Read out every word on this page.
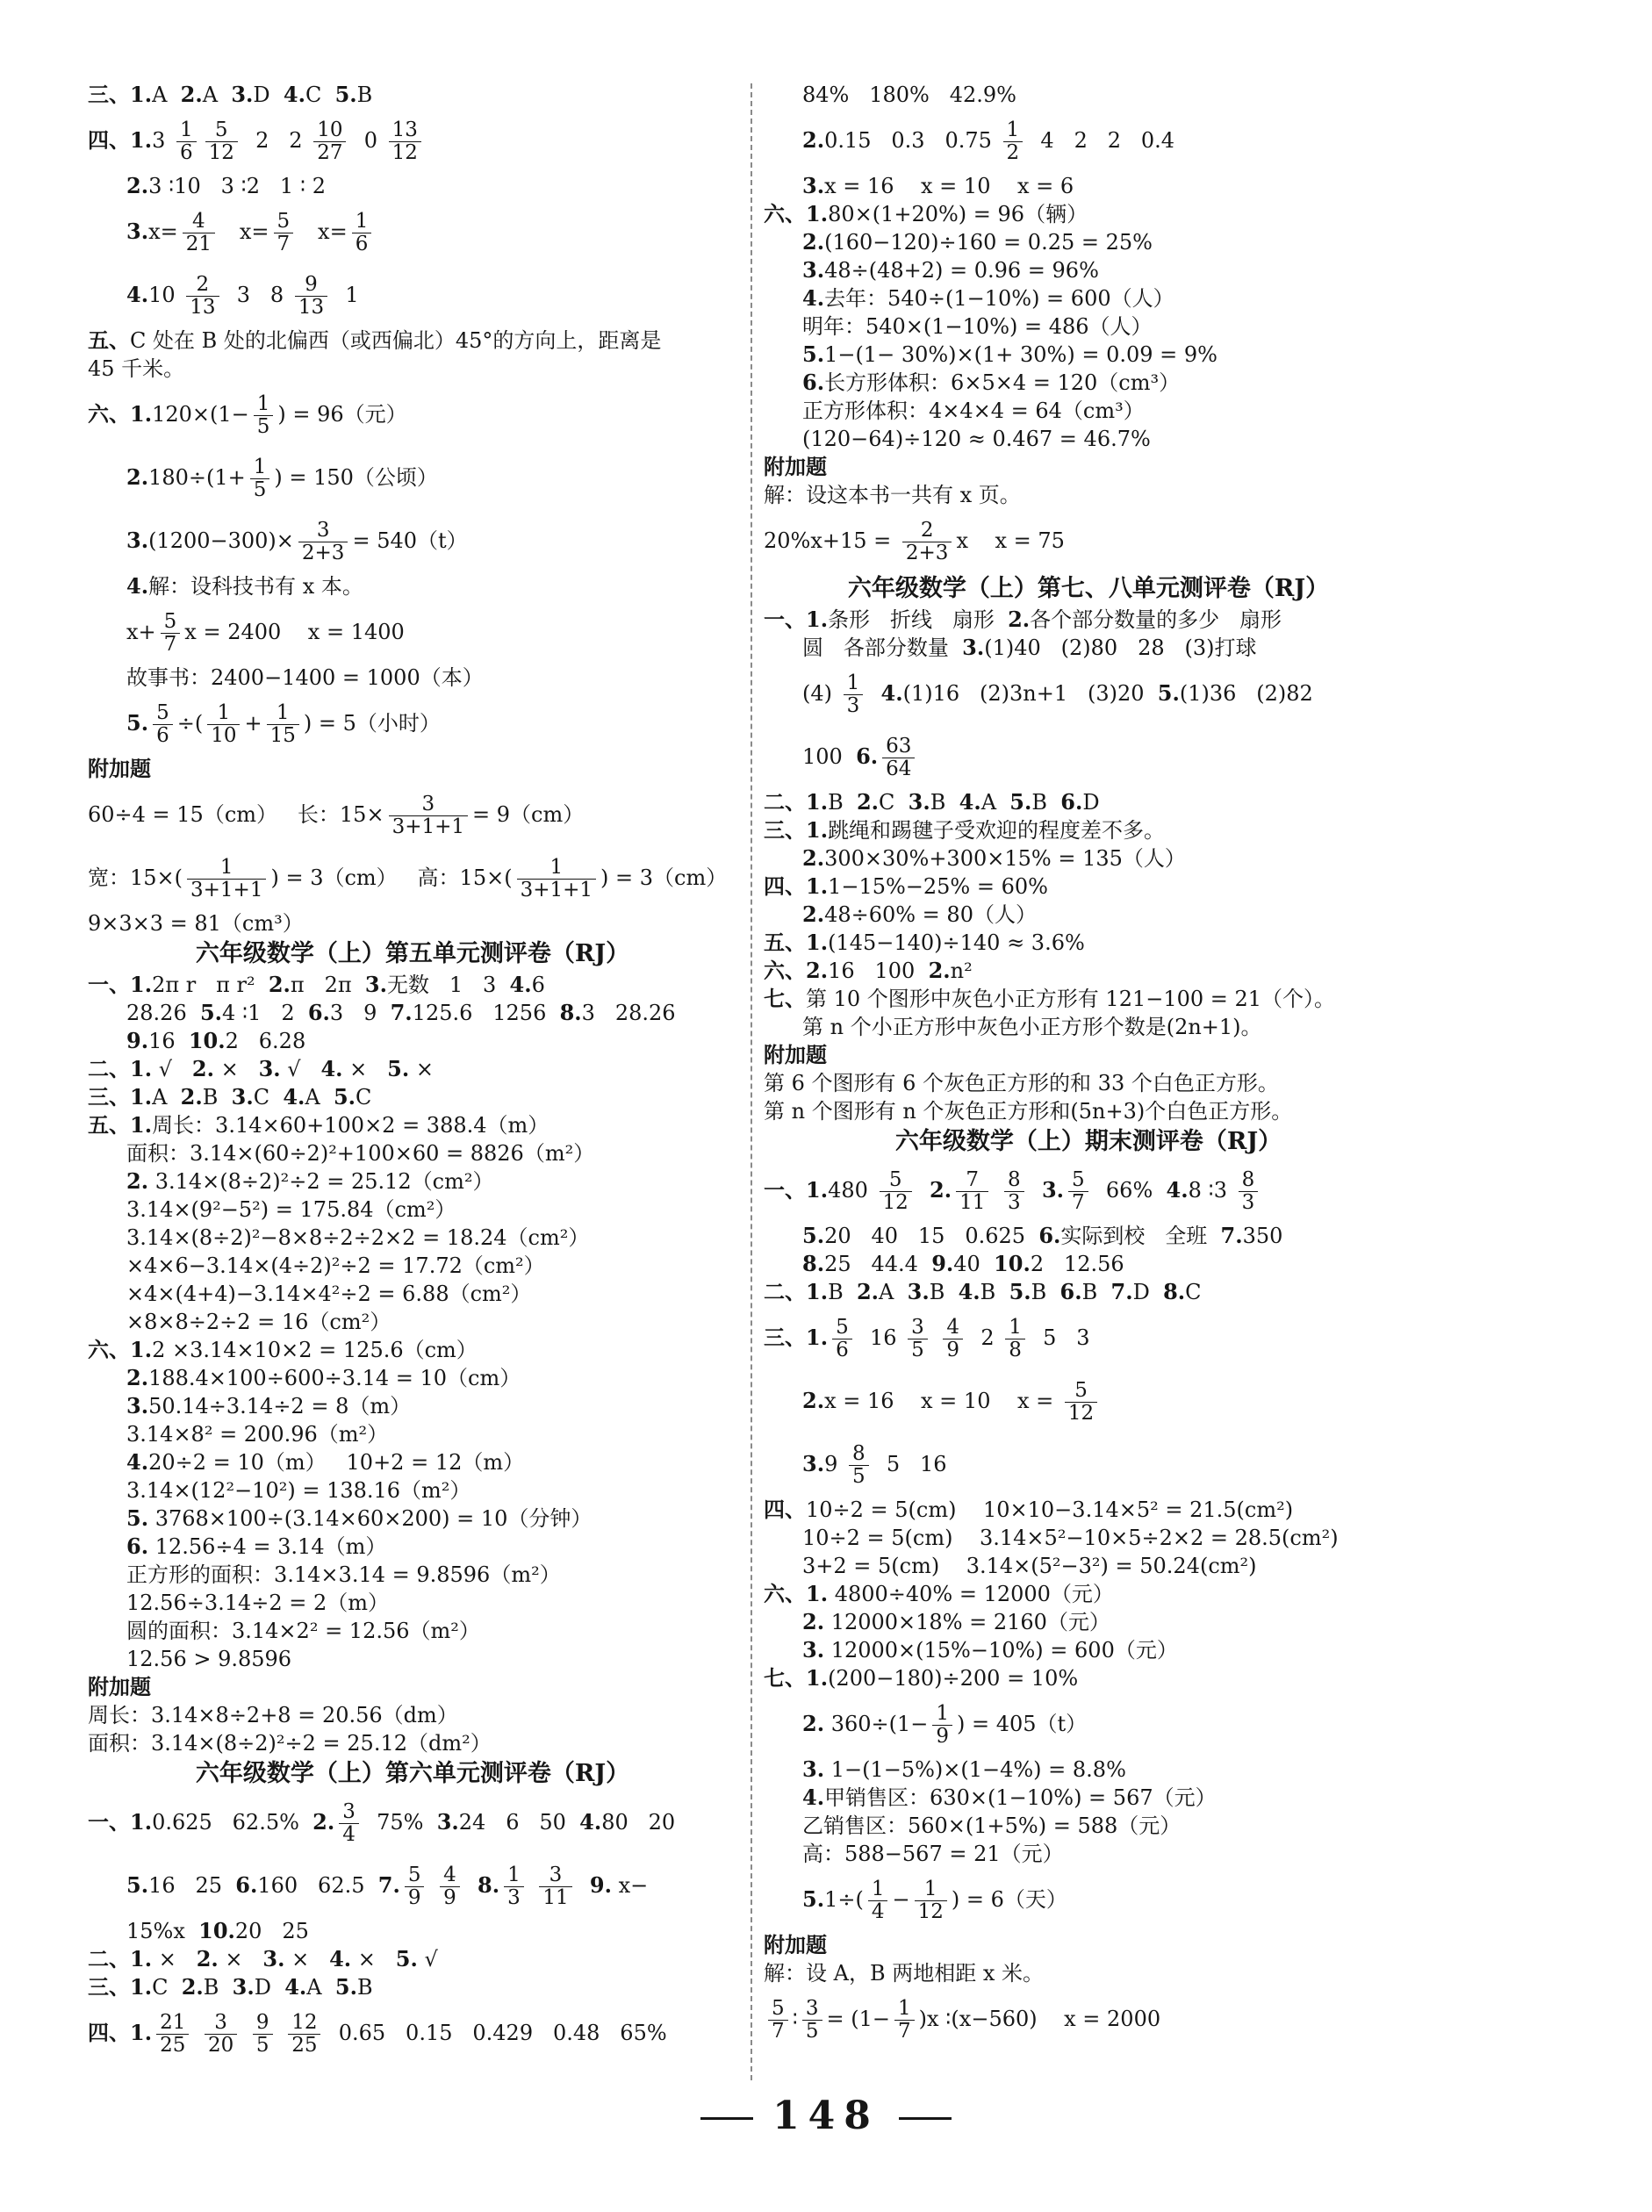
三、1.A  2.A  3.D  4.C  5.B
四、$1.3 \frac{1}{6} \frac{5}{12} 2$   $2 \frac{10}{27} 0 \frac{13}{12}$
2.3 ∶10   3 ∶2   1 ∶ 2
$3.x= \frac{4}{21} x= \frac{5}{7} x= \frac{1}{6}$
$4.10 \frac{2}{13} 3$   $8 \frac{9}{13} 1$
五、C 处在 B 处的北偏西（或西偏北）45°的方向上，距离是
45 千米。
六、$1.120\times(1- \frac{1}{5}$ ) = 96（元）
$2.180\div(1+ \frac{1}{5}$ ) = 150（公顷）
$3.(1200-300)\times \frac{3}{2+3} = 540(t)$
4.解：设科技书有 x 本。
$x+ \frac{5}{7}$ x = 2400    x = 1400
故事书：2400−1400 = 1000（本）
5. $\frac{5}{6}$ ÷( $\frac{1}{10} + \frac{1}{15}$ ) = 5（小时）
附加题
60÷4 = 15（cm）   长：$15\times \frac{3}{3+1+1} = 9(cm)$
宽：$15\times( \frac{1}{3+1+1}$ ) = 3（cm）   高：$15\times( \frac{1}{3+1+1}$ ) = 3（cm）
9×3×3 = 81（cm³）
六年级数学（上）第五单元测评卷（RJ）
一、1.2π r   π r²  2.π   2π  3.无数   1   3  4.6
28.26  5.4 ∶1   2  6.3   9  7.125.6   1256  8.3   28.26
9.16  10.2   6.28
二、1. √   2. ×   3. √   4. ×   5. ×
三、1.A  2.B  3.C  4.A  5.C
五、1.周长：3.14×60+100×2 = 388.4（m）
面积：3.14×(60÷2)²+100×60 = 8826（m²）
2. 3.14×(8÷2)²÷2 = 25.12（cm²）
3.14×(9²−5²) = 175.84（cm²）
3.14×(8÷2)²−8×8÷2÷2×2 = 18.24（cm²）
×4×6−3.14×(4÷2)²÷2 = 17.72（cm²）
×4×(4+4)−3.14×4²÷2 = 6.88（cm²）
×8×8÷2÷2 = 16（cm²）
六、1.2 ×3.14×10×2 = 125.6（cm）
2.188.4×100÷600÷3.14 = 10（cm）
3.50.14÷3.14÷2 = 8（m）
3.14×8² = 200.96（m²）
4.20÷2 = 10（m）   10+2 = 12（m）
3.14×(12²−10²) = 138.16（m²）
5. 3768×100÷(3.14×60×200) = 10（分钟）
6. 12.56÷4 = 3.14（m）
正方形的面积：3.14×3.14 = 9.8596（m²）
12.56÷3.14÷2 = 2（m）
圆的面积：3.14×2² = 12.56（m²）
12.56 > 9.8596
附加题
周长：3.14×8÷2+8 = 20.56（dm）
面积：3.14×(8÷2)²÷2 = 25.12（dm²）
六年级数学（上）第六单元测评卷（RJ）
一、1.0.625   62.5%  2. $\frac{3}{4} 75\%$  3.24   6   50  4.80   20
5.16   25  6.160   62.5  7. $\frac{5}{9}$
$\frac{4}{9} 8$. $\frac{1}{3}$
$\frac{3}{11} 9$. x−
15%x  10.20   25
二、1. ×   2. ×   3. ×   4. ×   5. √
三、1.C  2.B  3.D  4.A  5.B
四、1. $\frac{21}{25}$
$\frac{3}{20}$
$\frac{9}{5}$
$\frac{12}{25} 0.65$   0.15   0.429   0.48   65%
84%   180%   42.9%
2.0.15   0.3   $0.75 \frac{1}{2} 4$   2   2   0.4
3.x = 16    x = 10    x = 6
六、1.80×(1+20%) = 96（辆）
2.(160−120)÷160 = 0.25 = 25%
3.48÷(48+2) = 0.96 = 96%
4.去年：540÷(1−10%) = 600（人）
明年：540×(1−10%) = 486（人）
5.1−(1− 30%)×(1+ 30%) = 0.09 = 9%
6.长方形体积：6×5×4 = 120（cm³）
正方形体积：4×4×4 = 64（cm³）
(120−64)÷120 ≈ 0.467 = 46.7%
附加题
解：设这本书一共有 x 页。
$20\%x+15 = \frac{2}{2+3}$ x    x = 75
六年级数学（上）第七、八单元测评卷（RJ）
一、1.条形   折线   扇形  2.各个部分数量的多少   扇形
圆   各部分数量  3.(1)40   (2)80   28   (3)打球
$(4) \frac{1}{3} 4.(1)16$   (2)3n+1   (3)20  5.(1)36   (2)82
100  6. $\frac{63}{64}$
二、1.B  2.C  3.B  4.A  5.B  6.D
三、1.跳绳和踢毽子受欢迎的程度差不多。
2.300×30%+300×15% = 135（人）
四、1.1−15%−25% = 60%
2.48÷60% = 80（人）
五、1.(145−140)÷140 ≈ 3.6%
六、2.16   100  2.n²
七、第 10 个图形中灰色小正方形有 121−100 = 21（个）。
第 n 个小正方形中灰色小正方形个数是(2n+1)。
附加题
第 6 个图形有 6 个灰色正方形的和 33 个白色正方形。
第 n 个图形有 n 个灰色正方形和(5n+3)个白色正方形。
六年级数学（上）期末测评卷（RJ）
一、$1.480 \frac{5}{12} 2$. $\frac{7}{11}$
$\frac{8}{3} 3$. $\frac{5}{7} 66\%$  4.8 ∶3 $\frac{8}{3}$
5.20   40   15   0.625  6.实际到校   全班  7.350
8.25   44.4  9.40  10.2   12.56
二、1.B  2.A  3.B  4.B  5.B  6.B  7.D  8.C
三、1. $\frac{5}{6} 16 \frac{3}{5}$
$\frac{4}{9} 2 \frac{1}{8} 5$   3
2.x = 16    x = 10    $x = \frac{5}{12}$
$3.9 \frac{8}{5} 5$   16
四、10÷2 = 5(cm)    10×10−3.14×5² = 21.5(cm²)
10÷2 = 5(cm)    3.14×5²−10×5÷2×2 = 28.5(cm²)
3+2 = 5(cm)    3.14×(5²−3²) = 50.24(cm²)
六、1. 4800÷40% = 12000（元）
2. 12000×18% = 2160（元）
3. 12000×(15%−10%) = 600（元）
七、1.(200−180)÷200 = 10%
2. $360\div(1- \frac{1}{9}$ ) = 405（t）
3. 1−(1−5%)×(1−4%) = 8.8%
4.甲销售区：630×(1−10%) = 567（元）
乙销售区：560×(1+5%) = 588（元）
高：588−567 = 21（元）
$5.1\div( \frac{1}{4} - \frac{1}{12}$ ) = 6（天）
附加题
解：设 A，B 两地相距 x 米。
$\frac{5}{7}$ ∶ $\frac{3}{5} = (1- \frac{1}{7} )x$ ∶(x−560)    x = 2000
148
